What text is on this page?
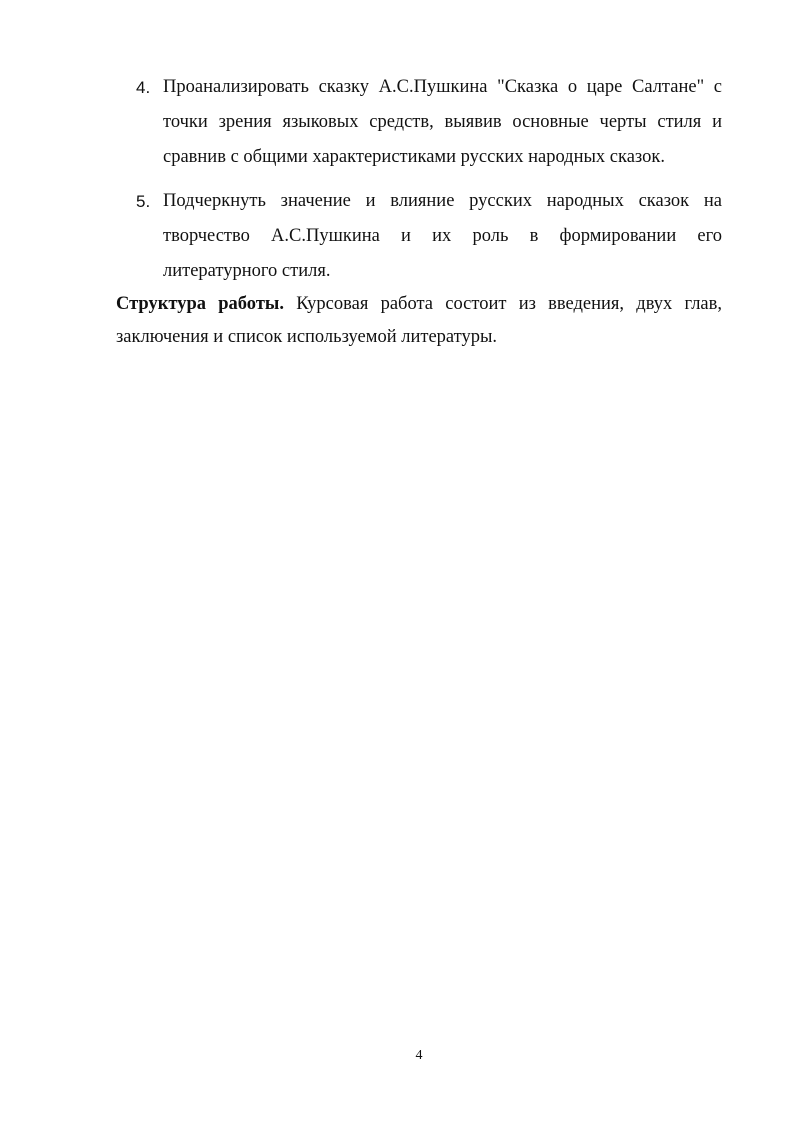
4. Проанализировать сказку А.С.Пушкина "Сказка о царе Салтане" с точки зрения языковых средств, выявив основные черты стиля и сравнив с общими характеристиками русских народных сказок.
5. Подчеркнуть значение и влияние русских народных сказок на творчество А.С.Пушкина и их роль в формировании его литературного стиля.

Структура работы. Курсовая работа состоит из введения, двух глав, заключения и список используемой литературы.

4
